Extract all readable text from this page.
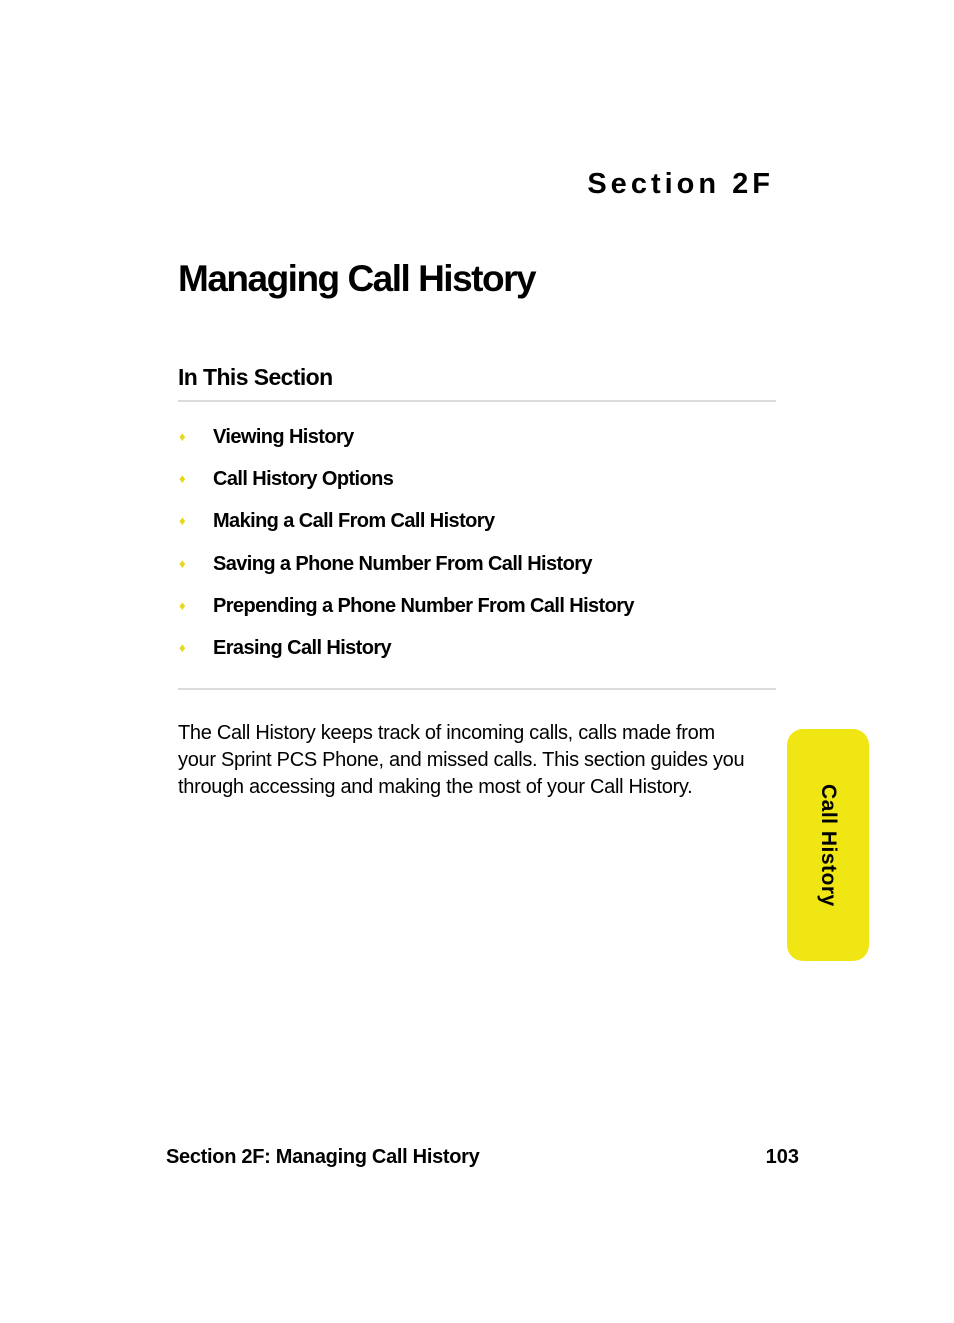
Section 2F
Managing Call History
In This Section
♦	Viewing History
♦	Call History Options
♦	Making a Call From Call History
♦	Saving a Phone Number From Call History
♦	Prepending a Phone Number From Call History
♦	Erasing Call History

The Call History keeps track of incoming calls, calls made from your Sprint PCS Phone, and missed calls. This section guides you through accessing and making the most of your Call History.	Call History
Section 2F: Managing Call History	103
